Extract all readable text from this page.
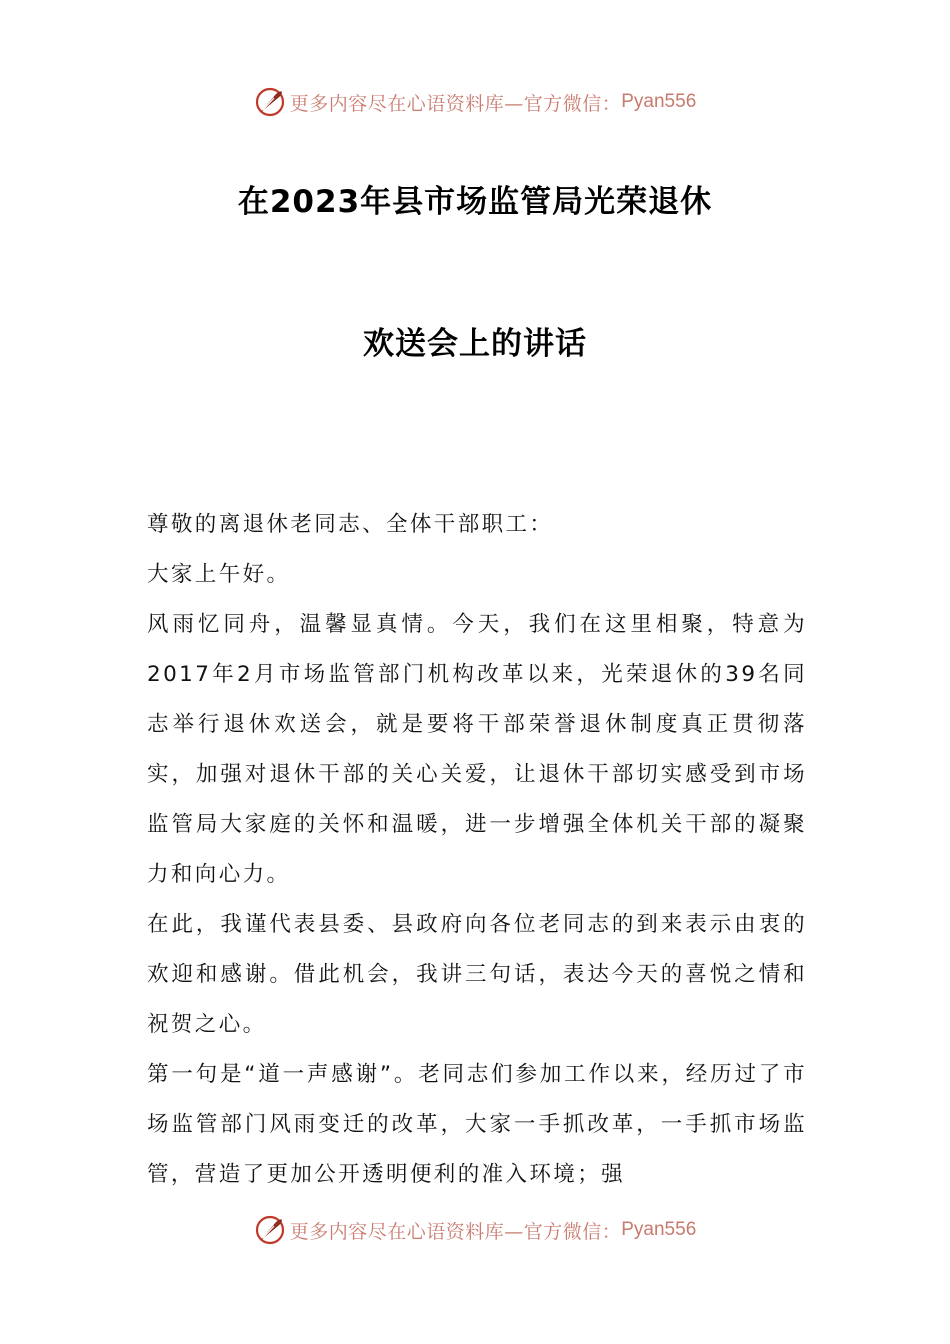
更多内容尽在心语资料库—官方微信： Pyan556
在2023年县市场监管局光荣退休
欢送会上的讲话

尊敬的离退休老同志、全体干部职工：

大家上午好。

风雨忆同舟，温馨显真情。今天，我们在这里相聚，特意为2017年2月市场监管部门机构改革以来，光荣退休的39名同志举行退休欢送会，就是要将干部荣誉退休制度真正贯彻落实，加强对退休干部的关心关爱，让退休干部切实感受到市场监管局大家庭的关怀和温暖，进一步增强全体机关干部的凝聚力和向心力。

在此，我谨代表县委、县政府向各位老同志的到来表示由衷的欢迎和感谢。借此机会，我讲三句话，表达今天的喜悦之情和祝贺之心。

第一句是“道一声感谢”。老同志们参加工作以来，经历过了市场监管部门风雨变迁的改革，大家一手抓改革，一手抓市场监管，营造了更加公开透明便利的准入环境；强

更多内容尽在心语资料库—官方微信： Pyan556
